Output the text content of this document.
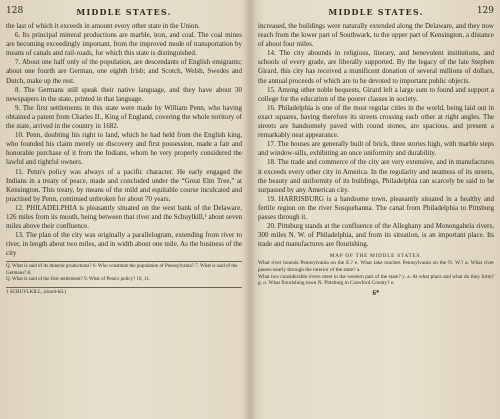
128	MIDDLE STATES.

the last of which it exceeds in amount every other state in the Union.

6. Its principal mineral productions are marble, iron, and coal. The coal mines are becoming exceedingly important, from the improved mode of transportation by means of canals and rail-roads, for which this state is distinguished.

7. About one half only of the population, are descendants of English emigrants; about one fourth are German, one eighth Irish; and Scotch, Welsh, Swedes and Dutch, make up the rest.

8. The Germans still speak their native language, and they have about 30 newspapers in the state, printed in that language.

9. The first settlements in this state were made by William Penn, who having obtained a patent from Charles II., King of England, covering the whole territory of the state, arrived in the country in 1682.

10. Penn, doubting his right to land, which he had held from the English king, who founded his claim merely on discovery and first possession, made a fair and honorable purchase of it from the Indians, whom he very properly considered the lawful and rightful owners.

11. Penn's policy was always of a pacific character. He early engaged the Indians in a treaty of peace, made and concluded under the “Great Elm Tree,” at Kensington. This treaty, by means of the mild and equitable course inculcated and practised by Penn, continued unbroken for about 70 years.

12. PHILADELPHIA is pleasantly situated on the west bank of the Delaware, 126 miles from its mouth, being between that river and the Schuylkill,¹ about seven miles above their confluence.

13. The plan of the city was originally a parallelogram, extending from river to river, in length about two miles, and in width about one mile. As the business of the city

Q. What is said of its mineral productions? 6. Who constitute the population of Pennsylvania? 7. What is said of the Germans? 8.

Q. What is said of the first settlement? 9. What of Penn's policy? 10, 11.

1 SCHUYLKILL, (skool-kil.)
MIDDLE STATES.	129

increased, the buildings were naturally extended along the Delaware, and they now reach from the lower part of Southwark, to the upper part of Kensington, a distance of about four miles.

14. The city abounds in religious, literary, and benevolent institutions, and schools of every grade, are liberally supported. By the legacy of the late Stephen Girard, this city has received a munificent donation of several millions of dollars, the annual proceeds of which are to be devoted to important public objects.

15. Among other noble bequests, Girard left a large sum to found and support a college for the education of the poorer classes in society.

16. Philadelphia is one of the most regular cities in the world, being laid out in exact squares, having therefore its streets crossing each other at right angles. The streets are handsomely paved with round stones, are spacious, and present a remarkably neat appearance.

17. The houses are generally built of brick, three stories high, with marble steps and window-sills, exhibiting an once uniformity and durability.

18. The trade and commerce of the city are very extensive, and in manufactures it exceeds every other city in America. In the regularity and neatness of its streets, the beauty and uniformity of its buildings, Philadelphia can scarcely be said to be surpassed by any American city.

19. HARRISBURG is a handsome town, pleasantly situated in a healthy and fertile region on the river Susquehanna. The canal from Philadelphia to Pittsburg passes through it.

20. Pittsburg stands at the confluence of the Alleghany and Monongahela rivers, 300 miles N. W. of Philadelphia, and from its situation, is an important place. Its trade and manufactures are flourishing.

MAP OF THE MIDDLE STATES.

What river bounds Pennsylvania on the E.? e. What lake touches Pennsylvania on the N. W.? a. What river passes nearly through the interior of the state? a.

What two considerable rivers meet in the western part of the state? y. a. At what place and what do they form? g. o. What flourishing town N. Pittsburg in Crawford County? e.

6*
